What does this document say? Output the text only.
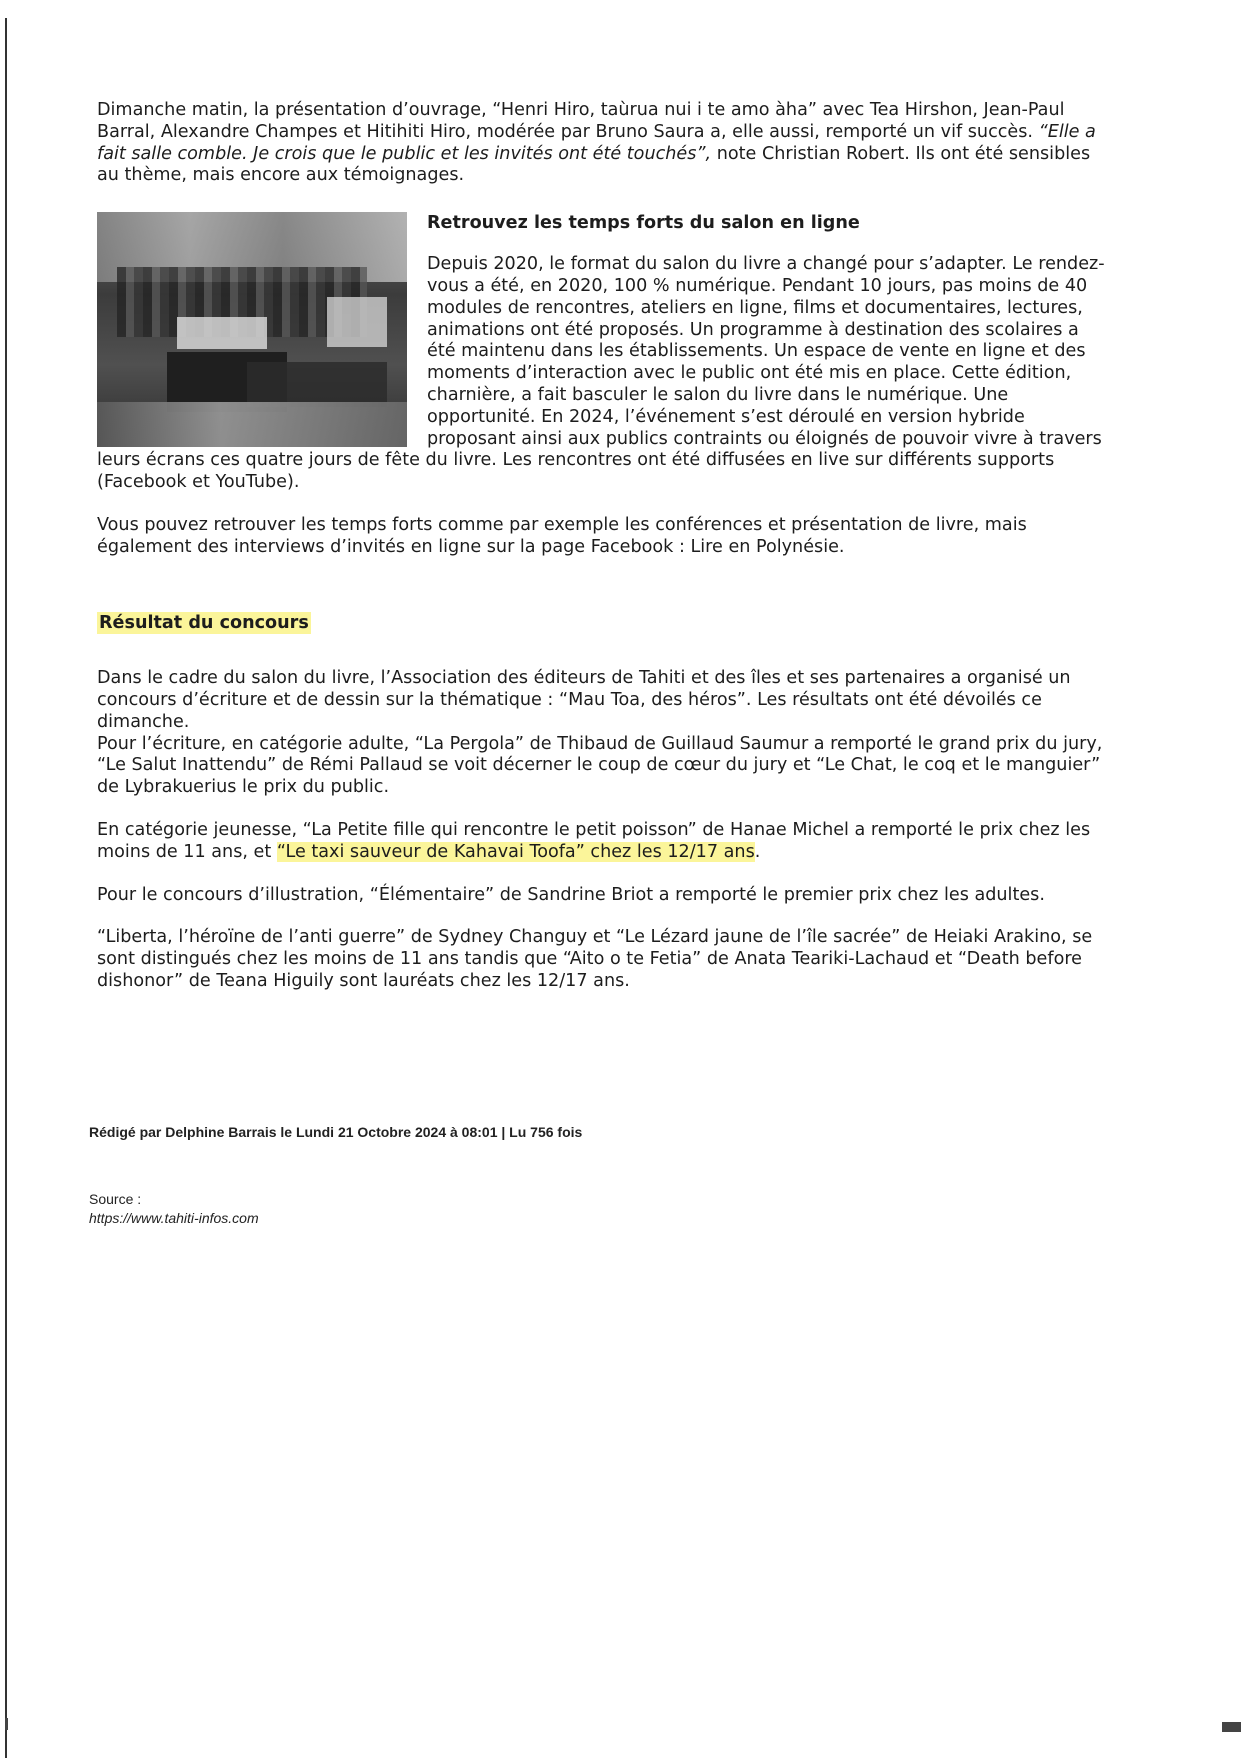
Dimanche matin, la présentation d’ouvrage, “Henri Hiro, taùrua nui i te amo àha” avec Tea Hirshon, Jean-Paul Barral, Alexandre Champes et Hitihiti Hiro, modérée par Bruno Saura a, elle aussi, remporté un vif succès. “Elle a fait salle comble. Je crois que le public et les invités ont été touchés”, note Christian Robert. Ils ont été sensibles au thème, mais encore aux témoignages.

Retrouvez les temps forts du salon en ligne

Depuis 2020, le format du salon du livre a changé pour s’adapter. Le rendez-vous a été, en 2020, 100 % numérique. Pendant 10 jours, pas moins de 40 modules de rencontres, ateliers en ligne, films et documentaires, lectures, animations ont été proposés. Un programme à destination des scolaires a été maintenu dans les établissements. Un espace de vente en ligne et des moments d’interaction avec le public ont été mis en place. Cette édition, charnière, a fait basculer le salon du livre dans le numérique. Une opportunité. En 2024, l’événement s’est déroulé en version hybride proposant ainsi aux publics contraints ou éloignés de pouvoir vivre à travers leurs écrans ces quatre jours de fête du livre. Les rencontres ont été diffusées en live sur différents supports (Facebook et YouTube).

Vous pouvez retrouver les temps forts comme par exemple les conférences et présentation de livre, mais également des interviews d’invités en ligne sur la page Facebook : Lire en Polynésie.

Résultat du concours

Dans le cadre du salon du livre, l’Association des éditeurs de Tahiti et des îles et ses partenaires a organisé un concours d’écriture et de dessin sur la thématique : “Mau Toa, des héros”. Les résultats ont été dévoilés ce dimanche.
Pour l’écriture, en catégorie adulte, “La Pergola” de Thibaud de Guillaud Saumur a remporté le grand prix du jury, “Le Salut Inattendu” de Rémi Pallaud se voit décerner le coup de cœur du jury et “Le Chat, le coq et le manguier” de Lybrakuerius le prix du public.

En catégorie jeunesse, “La Petite fille qui rencontre le petit poisson” de Hanae Michel a remporté le prix chez les moins de 11 ans, et “Le taxi sauveur de Kahavai Toofa” chez les 12/17 ans.

Pour le concours d’illustration, “Élémentaire” de Sandrine Briot a remporté le premier prix chez les adultes.

“Liberta, l’héroïne de l’anti guerre” de Sydney Changuy et “Le Lézard jaune de l’île sacrée” de Heiaki Arakino, se sont distingués chez les moins de 11 ans tandis que “Aito o te Fetia” de Anata Teariki-Lachaud et “Death before dishonor” de Teana Higuily sont lauréats chez les 12/17 ans.

Rédigé par Delphine Barrais le Lundi 21 Octobre 2024 à 08:01 | Lu 756 fois
Source :
https://www.tahiti-infos.com
